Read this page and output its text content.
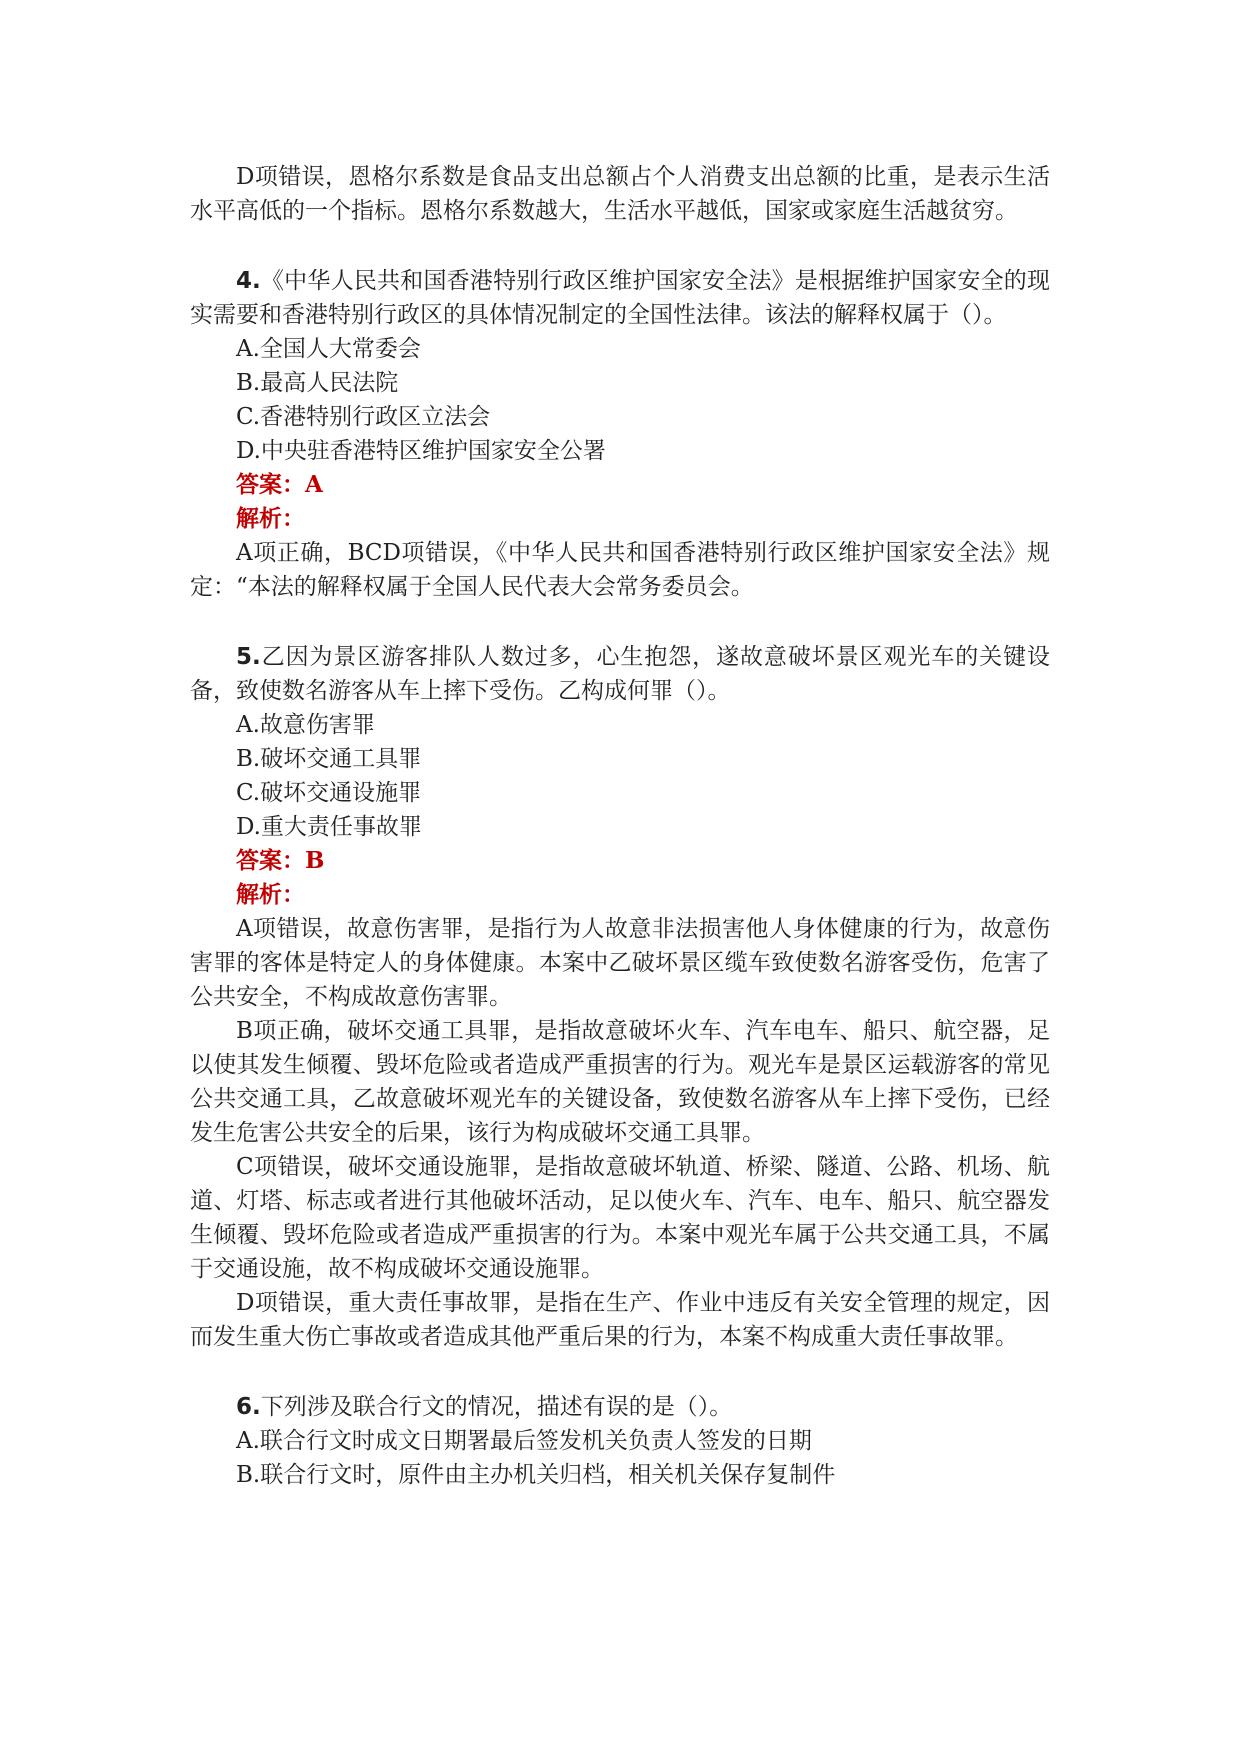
D项错误，恩格尔系数是食品支出总额占个人消费支出总额的比重，是表示生活水平高低的一个指标。恩格尔系数越大，生活水平越低，国家或家庭生活越贫穷。

4.《中华人民共和国香港特别行政区维护国家安全法》是根据维护国家安全的现实需要和香港特别行政区的具体情况制定的全国性法律。该法的解释权属于（）。

A.全国人大常委会

B.最高人民法院

C.香港特别行政区立法会

D.中央驻香港特区维护国家安全公署

答案：A

解析：

A项正确，BCD项错误，《中华人民共和国香港特别行政区维护国家安全法》规定：“本法的解释权属于全国人民代表大会常务委员会。

5.乙因为景区游客排队人数过多，心生抱怨，遂故意破坏景区观光车的关键设备，致使数名游客从车上摔下受伤。乙构成何罪（）。

A.故意伤害罪

B.破坏交通工具罪

C.破坏交通设施罪

D.重大责任事故罪

答案：B

解析：

A项错误，故意伤害罪，是指行为人故意非法损害他人身体健康的行为，故意伤害罪的客体是特定人的身体健康。本案中乙破坏景区缆车致使数名游客受伤，危害了公共安全，不构成故意伤害罪。

B项正确，破坏交通工具罪，是指故意破坏火车、汽车电车、船只、航空器，足以使其发生倾覆、毁坏危险或者造成严重损害的行为。观光车是景区运载游客的常见公共交通工具，乙故意破坏观光车的关键设备，致使数名游客从车上摔下受伤，已经发生危害公共安全的后果，该行为构成破坏交通工具罪。

C项错误，破坏交通设施罪，是指故意破坏轨道、桥梁、隧道、公路、机场、航道、灯塔、标志或者进行其他破坏活动，足以使火车、汽车、电车、船只、航空器发生倾覆、毁坏危险或者造成严重损害的行为。本案中观光车属于公共交通工具，不属于交通设施，故不构成破坏交通设施罪。

D项错误，重大责任事故罪，是指在生产、作业中违反有关安全管理的规定，因而发生重大伤亡事故或者造成其他严重后果的行为，本案不构成重大责任事故罪。

6.下列涉及联合行文的情况，描述有误的是（）。

A.联合行文时成文日期署最后签发机关负责人签发的日期

B.联合行文时，原件由主办机关归档，相关机关保存复制件
